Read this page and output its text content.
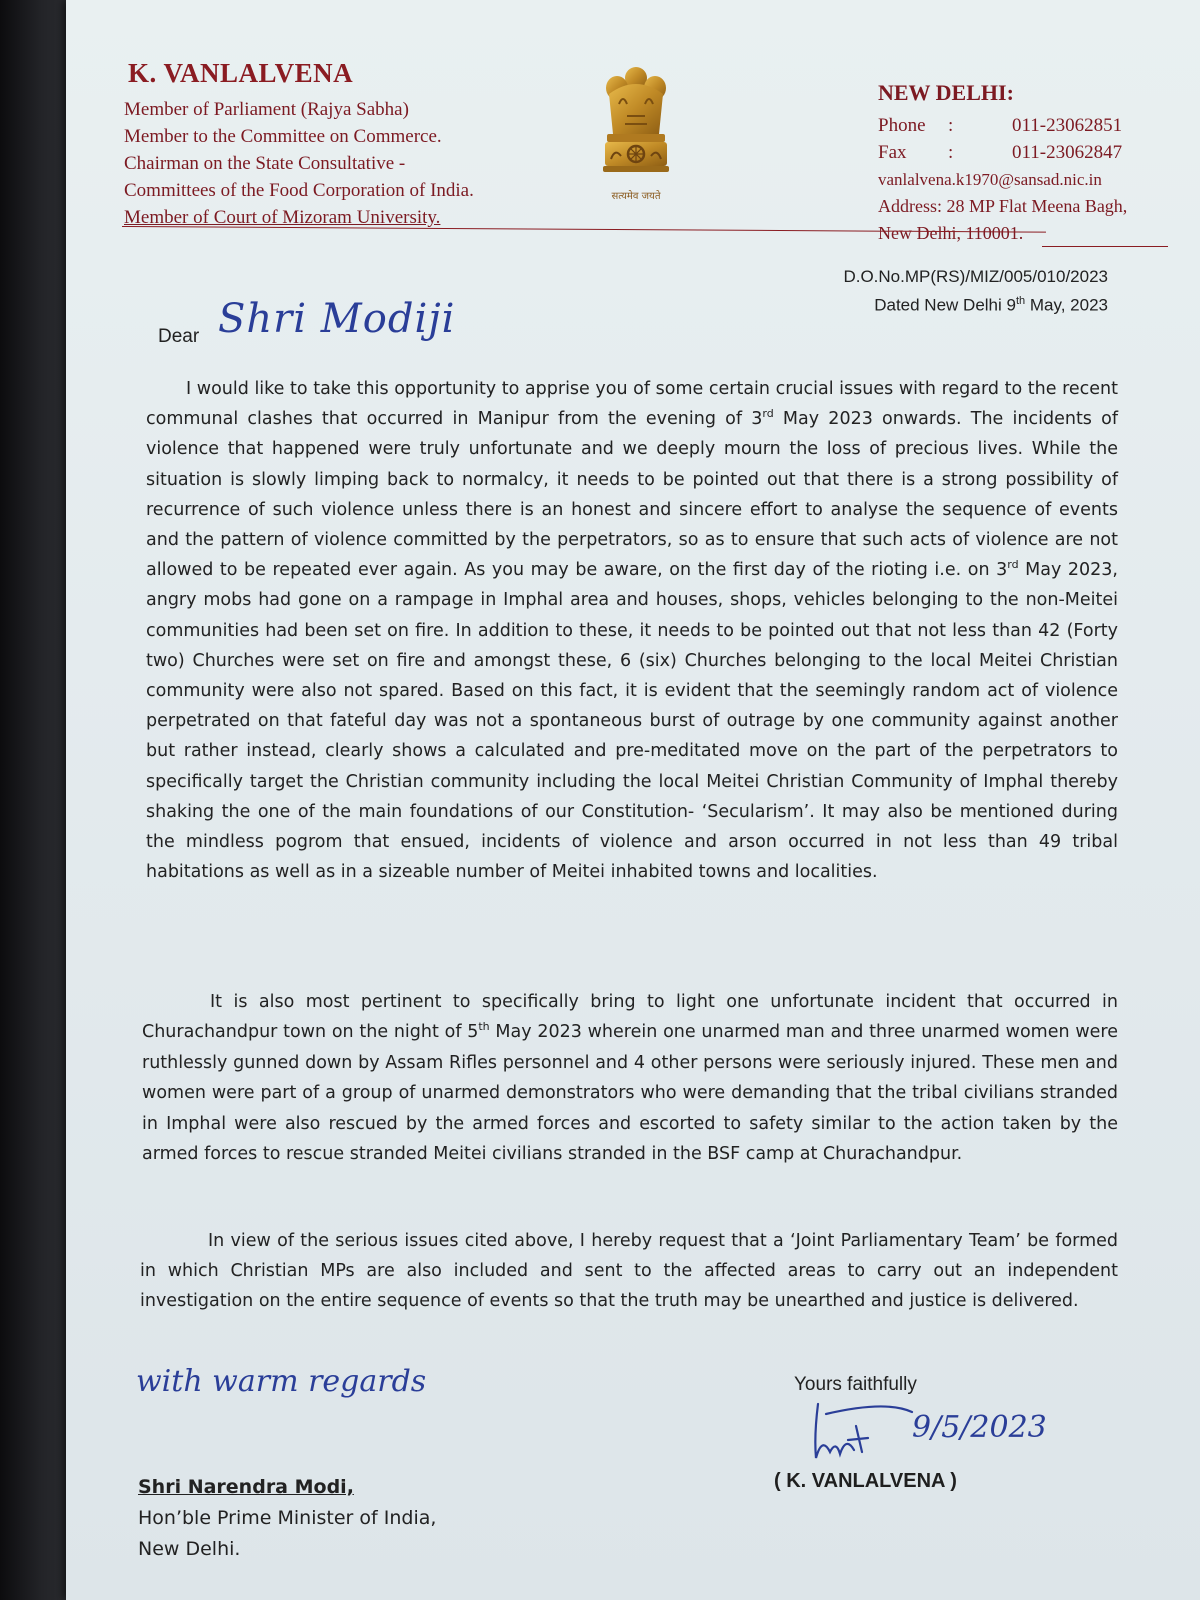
K. VANLALVENA
Member of Parliament (Rajya Sabha)
Member to the Committee on Commerce.
Chairman on the State Consultative -
Committees of the Food Corporation of India.
Member of Court of Mizoram University.
सत्यमेव जयते
NEW DELHI:
Phone :	011-23062851
Fax :	011-23062847
vanlalvena.k1970@sansad.nic.in
Address: 28 MP Flat Meena Bagh,
New Delhi, 110001.
D.O.No.MP(RS)/MIZ/005/010/2023
Dated New Delhi 9th May, 2023
Dear Shri Modiji

I would like to take this opportunity to apprise you of some certain crucial issues with regard to the recent communal clashes that occurred in Manipur from the evening of 3rd May 2023 onwards. The incidents of violence that happened were truly unfortunate and we deeply mourn the loss of precious lives. While the situation is slowly limping back to normalcy, it needs to be pointed out that there is a strong possibility of recurrence of such violence unless there is an honest and sincere effort to analyse the sequence of events and the pattern of violence committed by the perpetrators, so as to ensure that such acts of violence are not allowed to be repeated ever again. As you may be aware, on the first day of the rioting i.e. on 3rd May 2023, angry mobs had gone on a rampage in Imphal area and houses, shops, vehicles belonging to the non-Meitei communities had been set on fire. In addition to these, it needs to be pointed out that not less than 42 (Forty two) Churches were set on fire and amongst these, 6 (six) Churches belonging to the local Meitei Christian community were also not spared. Based on this fact, it is evident that the seemingly random act of violence perpetrated on that fateful day was not a spontaneous burst of outrage by one community against another but rather instead, clearly shows a calculated and pre-meditated move on the part of the perpetrators to specifically target the Christian community including the local Meitei Christian Community of Imphal thereby shaking the one of the main foundations of our Constitution- ‘Secularism’. It may also be mentioned during the mindless pogrom that ensued, incidents of violence and arson occurred in not less than 49 tribal habitations as well as in a sizeable number of Meitei inhabited towns and localities.

It is also most pertinent to specifically bring to light one unfortunate incident that occurred in Churachandpur town on the night of 5th May 2023 wherein one unarmed man and three unarmed women were ruthlessly gunned down by Assam Rifles personnel and 4 other persons were seriously injured. These men and women were part of a group of unarmed demonstrators who were demanding that the tribal civilians stranded in Imphal were also rescued by the armed forces and escorted to safety similar to the action taken by the armed forces to rescue stranded Meitei civilians stranded in the BSF camp at Churachandpur.

In view of the serious issues cited above, I hereby request that a ‘Joint Parliamentary Team’ be formed in which Christian MPs are also included and sent to the affected areas to carry out an independent investigation on the entire sequence of events so that the truth may be unearthed and justice is delivered.

with warm regards	Yours faithfully
9/5/2023
( K. VANLALVENA )
Shri Narendra Modi,
Hon’ble Prime Minister of India,
New Delhi.
